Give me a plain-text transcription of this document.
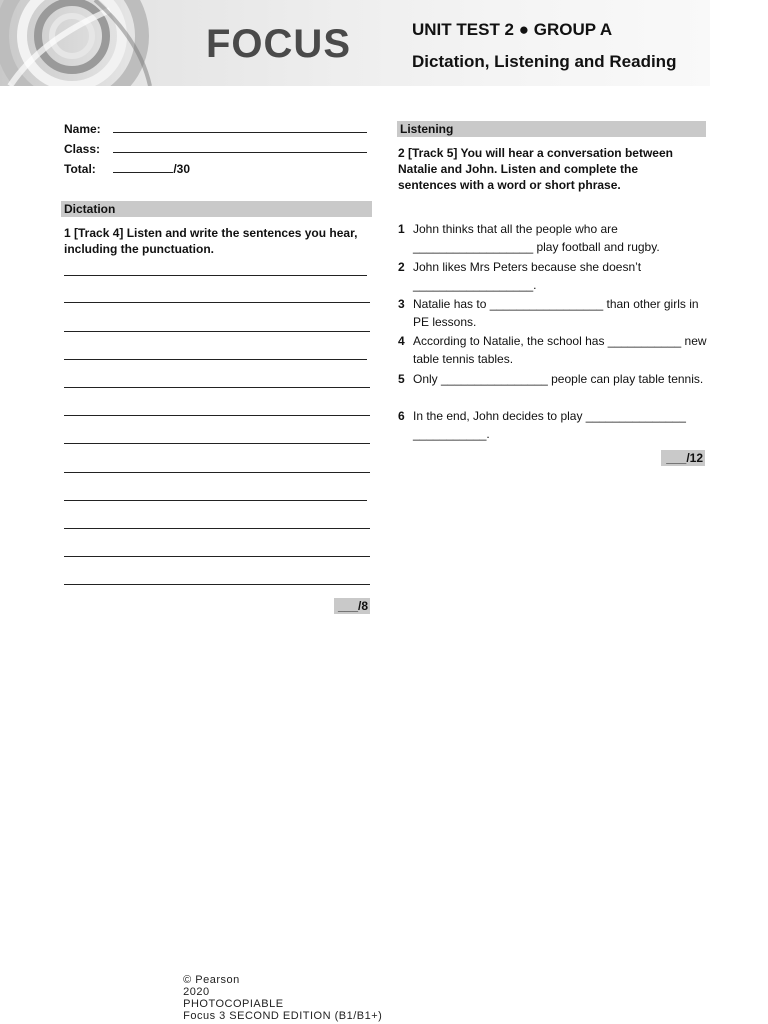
FOCUS	UNIT TEST 2 ● GROUP A
Dictation, Listening and Reading
Name:
Class:
Total:	/30
Dictation
1 [Track 4] Listen and write the sentences you hear, including the punctuation.
___/8
Listening
2 [Track 5] You will hear a conversation between Natalie and John. Listen and complete the sentences with a word or short phrase.
1 John thinks that all the people who are __________________ play football and rugby.
2 John likes Mrs Peters because she doesn’t __________________.
3 Natalie has to _________________ than other girls in PE lessons.
4 According to Natalie, the school has ___________ new table tennis tables.
5 Only ________________ people can play table tennis.
6 In the end, John decides to play _______________ ___________.
___/12

© Pearson
2020
PHOTOCOPIABLE
Focus 3 SECOND EDITION (B1/B1+)
